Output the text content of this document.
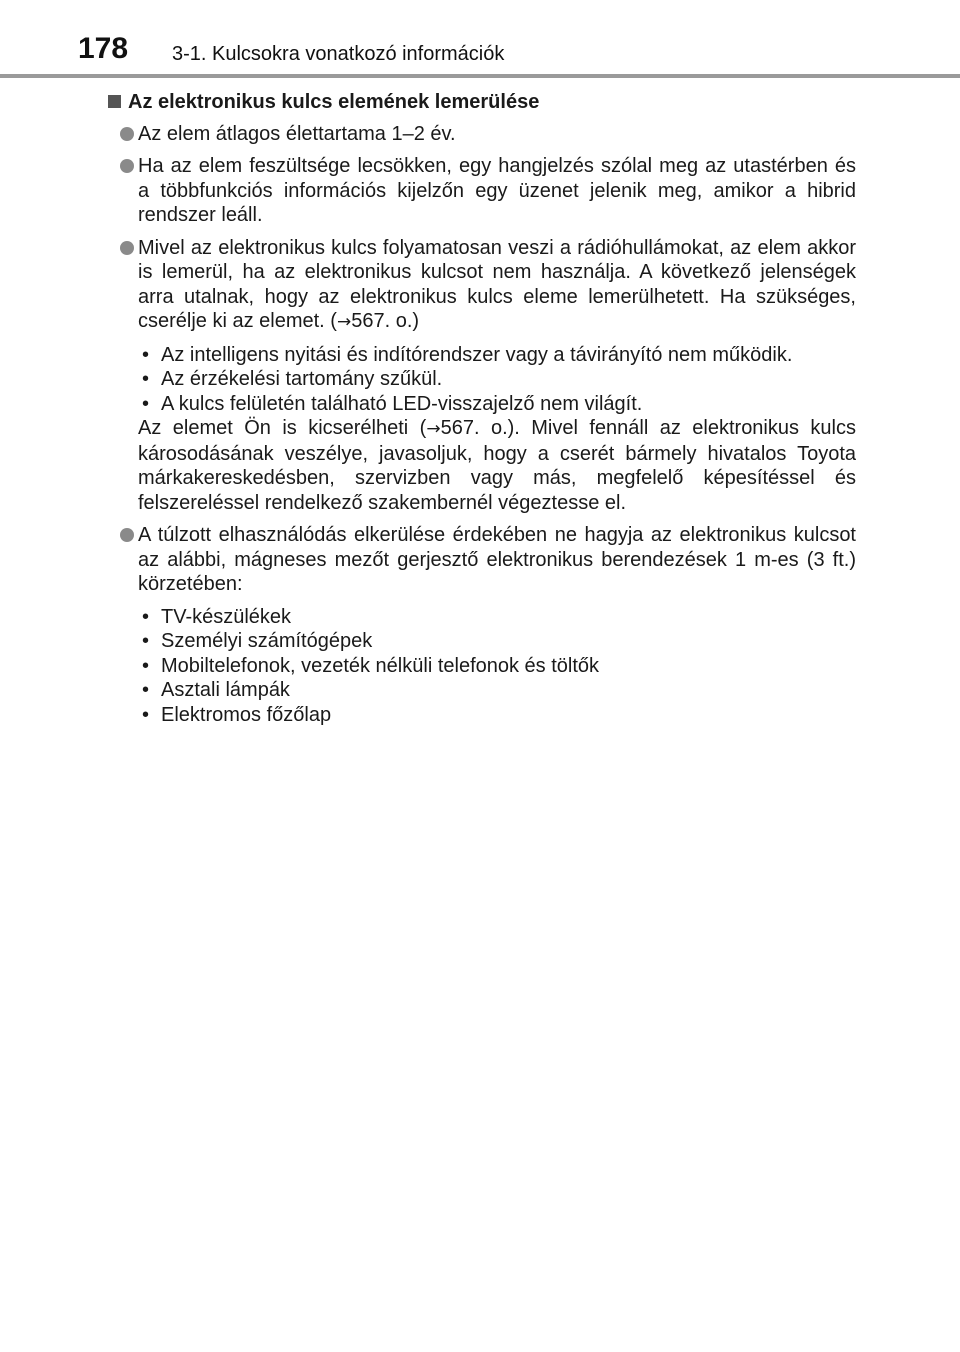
178 3-1. Kulcsokra vonatkozó információk
Az elektronikus kulcs elemének lemerülése
Az elem átlagos élettartama 1–2 év.
Ha az elem feszültsége lecsökken, egy hangjelzés szólal meg az utastérben és a többfunkciós információs kijelzőn egy üzenet jelenik meg, amikor a hibrid rendszer leáll.
Mivel az elektronikus kulcs folyamatosan veszi a rádióhullámokat, az elem akkor is lemerül, ha az elektronikus kulcsot nem használja. A következő jelenségek arra utalnak, hogy az elektronikus kulcs eleme lemerülhetett. Ha szükséges, cserélje ki az elemet. (→567. o.)
• Az intelligens nyitási és indítórendszer vagy a távirányító nem működik.
• Az érzékelési tartomány szűkül.
• A kulcs felületén található LED-visszajelző nem világít.
Az elemet Ön is kicserélheti (→567. o.). Mivel fennáll az elektronikus kulcs károsodásának veszélye, javasoljuk, hogy a cserét bármely hivatalos Toyota márkakereskedésben, szervizben vagy más, megfelelő képesítéssel és felszereléssel rendelkező szakembernél végeztesse el.
A túlzott elhasználódás elkerülése érdekében ne hagyja az elektronikus kulcsot az alábbi, mágneses mezőt gerjesztő elektronikus berendezések 1 m-es (3 ft.) körzetében:
• TV-készülékek
• Személyi számítógépek
• Mobiltelefonok, vezeték nélküli telefonok és töltők
• Asztali lámpák
• Elektromos főzőlap
